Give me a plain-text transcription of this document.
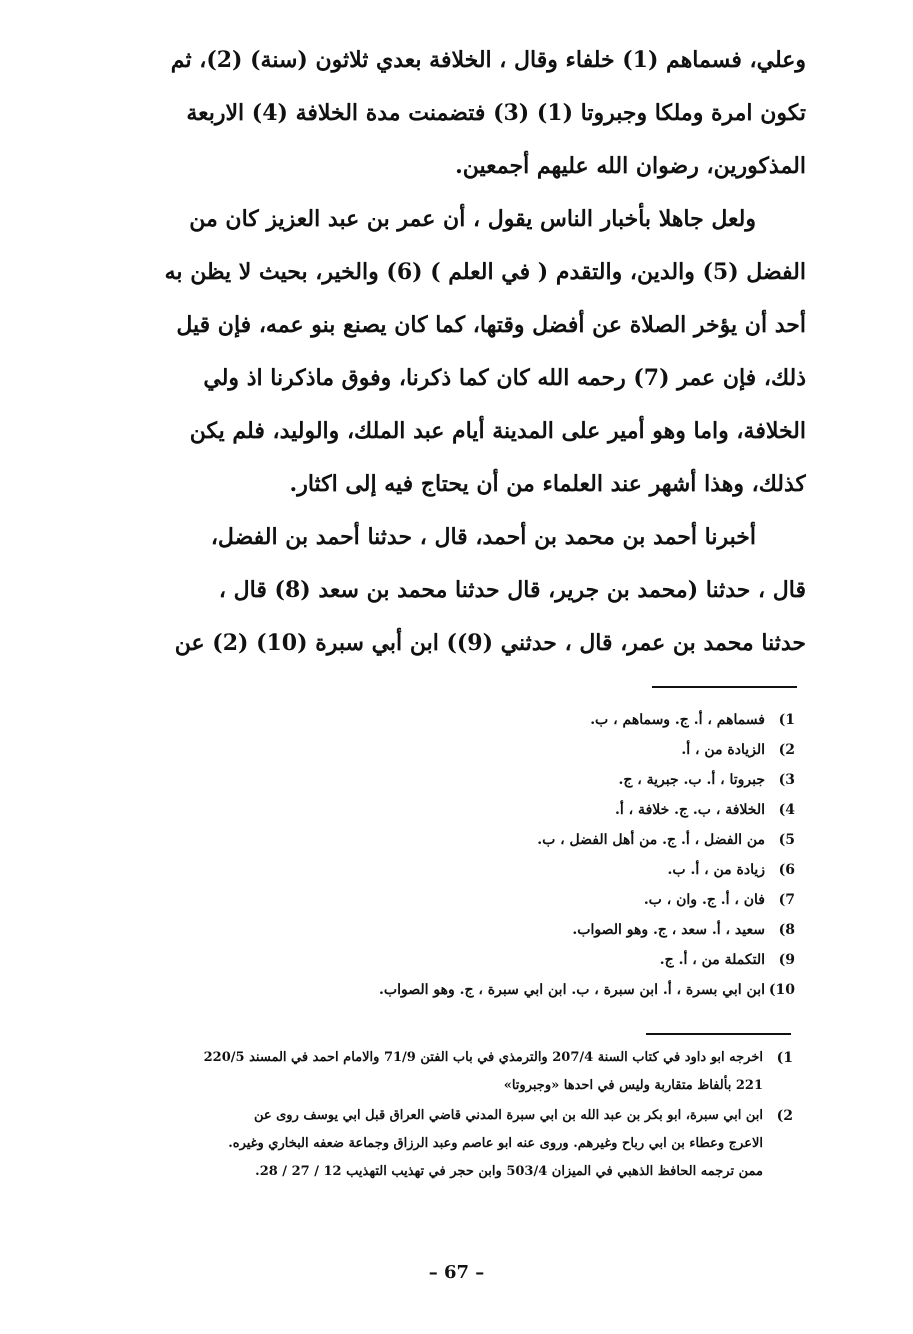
وعلي، فسماهم (1) خلفاء وقال ، الخلافة بعدي ثلاثون (سنة) (2)، ثم
تكون امرة وملكا وجبروتا (1) (3) فتضمنت مدة الخلافة (4) الاربعة
المذكورين، رضوان الله عليهم أجمعين.
ولعل جاهلا بأخبار الناس يقول ، أن عمر بن عبد العزيز كان من
الفضل (5) والدين، والتقدم ( في العلم ) (6) والخير، بحيث لا يظن به
أحد أن يؤخر الصلاة عن أفضل وقتها، كما كان يصنع بنو عمه، فإن قيل
ذلك، فإن عمر (7) رحمه الله كان كما ذكرنا، وفوق ماذكرنا اذ ولي
الخلافة، واما وهو أمير على المدينة أيام عبد الملك، والوليد، فلم يكن
كذلك، وهذا أشهر عند العلماء من أن يحتاج فيه إلى اكثار.
أخبرنا أحمد بن محمد بن أحمد، قال ، حدثنا أحمد بن الفضل،
قال ، حدثنا (محمد بن جرير، قال حدثنا محمد بن سعد (8) قال ،
حدثنا محمد بن عمر، قال ، حدثني (9)) ابن أبي سبرة (10) (2) عن
1)
فسماهم ، أ. ج. وسماهم ، ب.
2)
الزيادة من ، أ.
3)
جبروتا ، أ. ب. جبرية ، ج.
4)
الخلافة ، ب. ج. خلافة ، أ.
5)
من الفضل ، أ. ج. من أهل الفضل ، ب.
6)
زيادة من ، أ. ب.
7)
فان ، أ. ج. وان ، ب.
8)
سعيد ، أ. سعد ، ج. وهو الصواب.
9)
التكملة من ، أ. ج.
10)
ابن ابي بسرة ، أ. ابن سبرة ، ب. ابن ابي سبرة ، ج. وهو الصواب.
1)
اخرجه ابو داود في كتاب السنة 207/4 والترمذي في باب الفتن 71/9 والامام احمد في المسند 220/5
221 بألفاظ متقاربة وليس في احدها «وجبروتا»
2)
ابن ابي سبرة، ابو بكر بن عبد الله بن ابي سبرة المدني قاضي العراق قبل ابي يوسف روى عن
الاعرج وعطاء بن ابي رباح وغيرهم. وروى عنه ابو عاصم وعبد الرزاق وجماعة ضعفه البخاري وغيره.
ممن ترجمه الحافظ الذهبي في الميزان 503/4 وابن حجر في تهذيب التهذيب 12 / 27 / 28.
– 67 –
